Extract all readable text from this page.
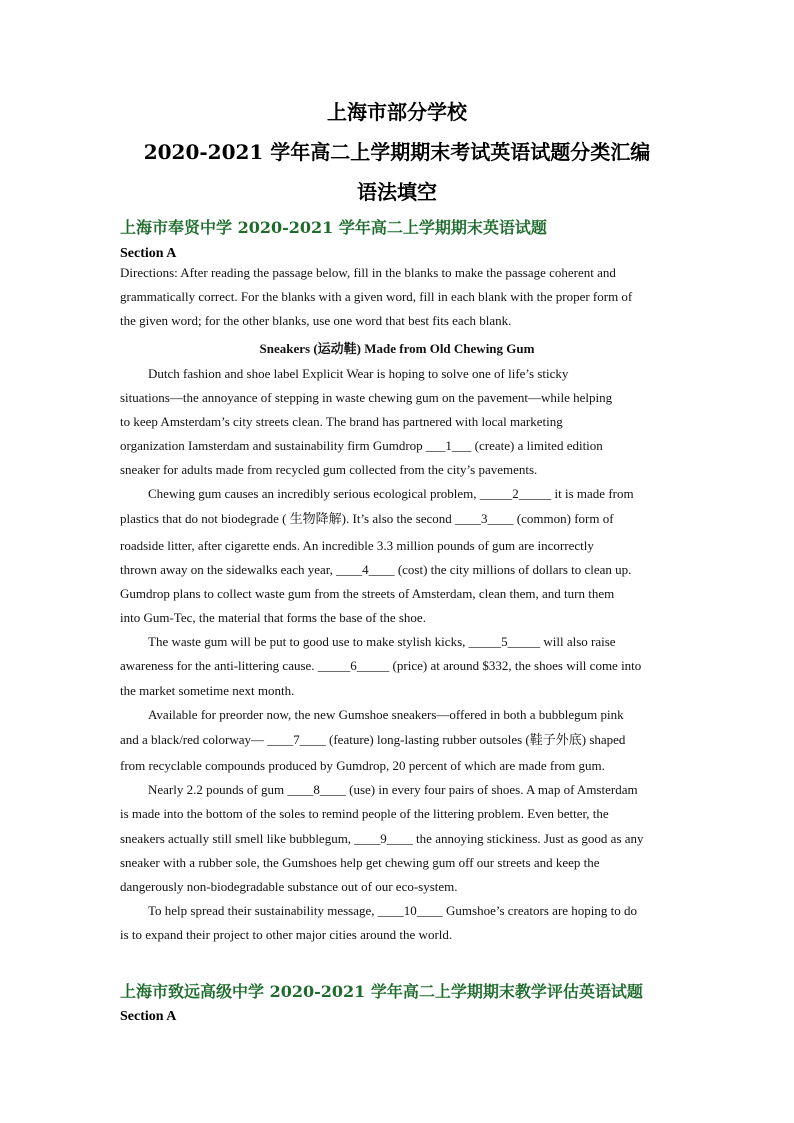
上海市部分学校
2020-2021 学年高二上学期期末考试英语试题分类汇编
语法填空
上海市奉贤中学 2020-2021 学年高二上学期期末英语试题
Section A
Directions: After reading the passage below, fill in the blanks to make the passage coherent and
grammatically correct. For the blanks with a given word, fill in each blank with the proper form of
the given word; for the other blanks, use one word that best fits each blank.
Sneakers (运动鞋) Made from Old Chewing Gum
Dutch fashion and shoe label Explicit Wear is hoping to solve one of life’s sticky
situations—the annoyance of stepping in waste chewing gum on the pavement—while helping
to keep Amsterdam’s city streets clean. The brand has partnered with local marketing
organization Iamsterdam and sustainability firm Gumdrop ___1___ (create) a limited edition
sneaker for adults made from recycled gum collected from the city’s pavements.
Chewing gum causes an incredibly serious ecological problem, _____2_____ it is made from
plastics that do not biodegrade ( 生物降解). It’s also the second ____3____ (common) form of
roadside litter, after cigarette ends. An incredible 3.3 million pounds of gum are incorrectly
thrown away on the sidewalks each year, ____4____ (cost) the city millions of dollars to clean up.
Gumdrop plans to collect waste gum from the streets of Amsterdam, clean them, and turn them
into Gum-Tec, the material that forms the base of the shoe.
The waste gum will be put to good use to make stylish kicks, _____5_____ will also raise
awareness for the anti-littering cause. _____6_____ (price) at around $332, the shoes will come into
the market sometime next month.
Available for preorder now, the new Gumshoe sneakers—offered in both a bubblegum pink
and a black/red colorway— ____7____ (feature) long-lasting rubber outsoles (鞋子外底) shaped
from recyclable compounds produced by Gumdrop, 20 percent of which are made from gum.
Nearly 2.2 pounds of gum ____8____ (use) in every four pairs of shoes. A map of Amsterdam
is made into the bottom of the soles to remind people of the littering problem. Even better, the
sneakers actually still smell like bubblegum, ____9____ the annoying stickiness. Just as good as any
sneaker with a rubber sole, the Gumshoes help get chewing gum off our streets and keep the
dangerously non-biodegradable substance out of our eco-system.
To help spread their sustainability message, ____10____ Gumshoe’s creators are hoping to do
is to expand their project to other major cities around the world.
上海市致远高级中学 2020-2021 学年高二上学期期末教学评估英语试题
Section A
